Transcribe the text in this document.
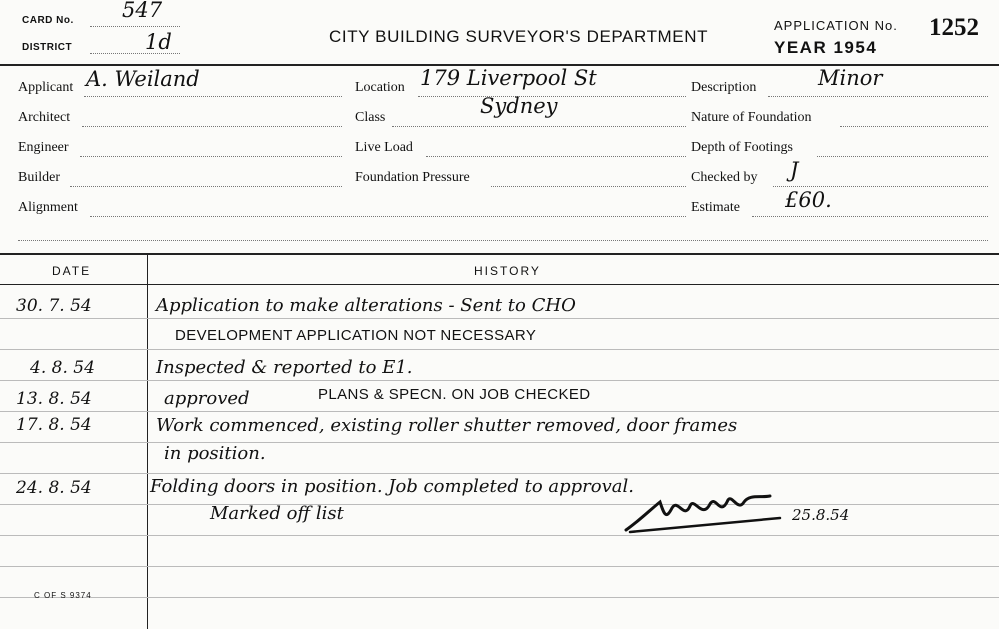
CARD No. 547
DISTRICT	1d	CITY BUILDING SURVEYOR'S DEPARTMENT
APPLICATION No.
YEAR 1954
1252
Applicant A. Weiland
Architect
Engineer
Builder
Alignment
Location 179 Liverpool St
Sydney
Class
Live Load
Foundation Pressure
Description	Minor
Nature of Foundation
Depth of Footings
Checked by J
Estimate £60.
DATE	HISTORY
30. 7. 54	Application to make alterations - Sent to CHO
DEVELOPMENT APPLICATION NOT NECESSARY
4. 8. 54	Inspected & reported to E1.
13. 8. 54	approved	PLANS & SPECN. ON JOB CHECKED
17. 8. 54	Work commenced, existing roller shutter removed, door frames
in position.
24. 8. 54	Folding doors in position. Job completed to approval.
Marked off list	25.8.54
C OF S 9374
